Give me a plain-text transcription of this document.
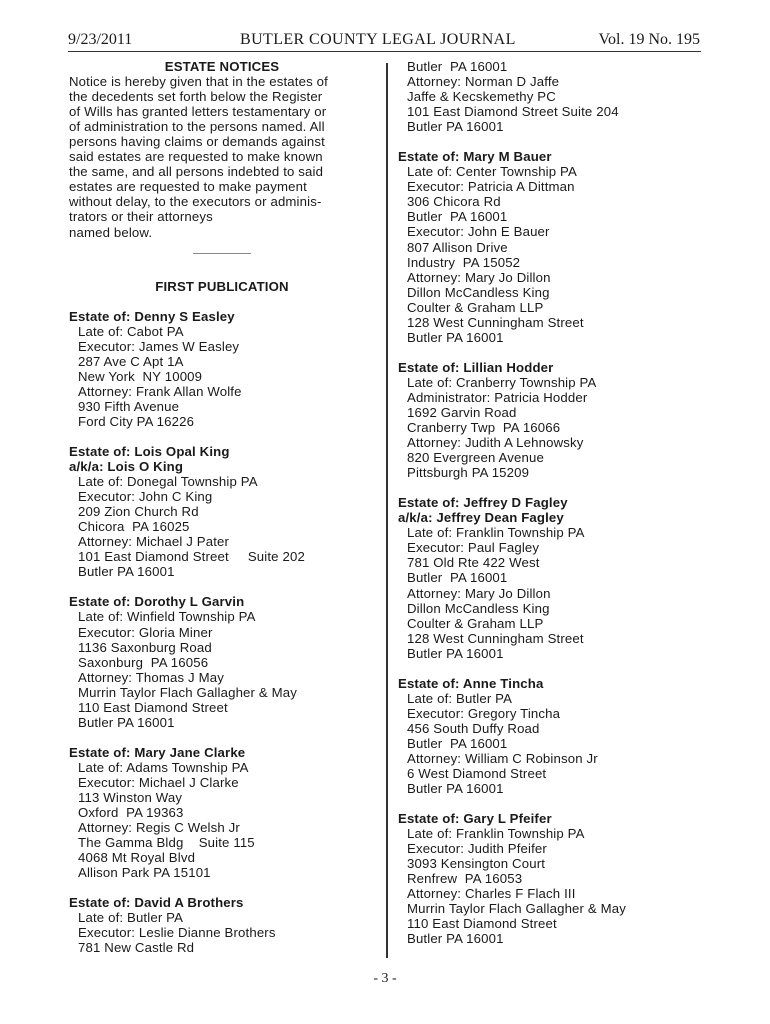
9/23/2011	BUTLER COUNTY LEGAL JOURNAL	Vol. 19 No. 195
ESTATE NOTICES
Notice is hereby given that in the estates of
the decedents set forth below the Register
of Wills has granted letters testamentary or
of administration to the persons named. All
persons having claims or demands against
said estates are requested to make known
the same, and all persons indebted to said
estates are requested to make payment
without delay, to the executors or adminis-
trators or their attorneys
named below.
FIRST PUBLICATION
Estate of: Denny S Easley
Late of: Cabot PA
Executor: James W Easley
287 Ave C Apt 1A
New York  NY 10009
Attorney: Frank Allan Wolfe
930 Fifth Avenue
Ford City PA 16226
Estate of: Lois Opal King
a/k/a: Lois O King
Late of: Donegal Township PA
Executor: John C King
209 Zion Church Rd
Chicora  PA 16025
Attorney: Michael J Pater
101 East Diamond Street     Suite 202
Butler PA 16001
Estate of: Dorothy L Garvin
Late of: Winfield Township PA
Executor: Gloria Miner
1136 Saxonburg Road
Saxonburg  PA 16056
Attorney: Thomas J May
Murrin Taylor Flach Gallagher & May
110 East Diamond Street
Butler PA 16001
Estate of: Mary Jane Clarke
Late of: Adams Township PA
Executor: Michael J Clarke
113 Winston Way
Oxford  PA 19363
Attorney: Regis C Welsh Jr
The Gamma Bldg    Suite 115
4068 Mt Royal Blvd
Allison Park PA 15101
Estate of: David A Brothers
Late of: Butler PA
Executor: Leslie Dianne Brothers
781 New Castle Rd
Butler  PA 16001
Attorney: Norman D Jaffe
Jaffe & Kecskemethy PC
101 East Diamond Street Suite 204
Butler PA 16001
Estate of: Mary M Bauer
Late of: Center Township PA
Executor: Patricia A Dittman
306 Chicora Rd
Butler  PA 16001
Executor: John E Bauer
807 Allison Drive
Industry  PA 15052
Attorney: Mary Jo Dillon
Dillon McCandless King
Coulter & Graham LLP
128 West Cunningham Street
Butler PA 16001
Estate of: Lillian Hodder
Late of: Cranberry Township PA
Administrator: Patricia Hodder
1692 Garvin Road
Cranberry Twp  PA 16066
Attorney: Judith A Lehnowsky
820 Evergreen Avenue
Pittsburgh PA 15209
Estate of: Jeffrey D Fagley
a/k/a: Jeffrey Dean Fagley
Late of: Franklin Township PA
Executor: Paul Fagley
781 Old Rte 422 West
Butler  PA 16001
Attorney: Mary Jo Dillon
Dillon McCandless King
Coulter & Graham LLP
128 West Cunningham Street
Butler PA 16001
Estate of: Anne Tincha
Late of: Butler PA
Executor: Gregory Tincha
456 South Duffy Road
Butler  PA 16001
Attorney: William C Robinson Jr
6 West Diamond Street
Butler PA 16001
Estate of: Gary L Pfeifer
Late of: Franklin Township PA
Executor: Judith Pfeifer
3093 Kensington Court
Renfrew  PA 16053
Attorney: Charles F Flach III
Murrin Taylor Flach Gallagher & May
110 East Diamond Street
Butler PA 16001
- 3 -
